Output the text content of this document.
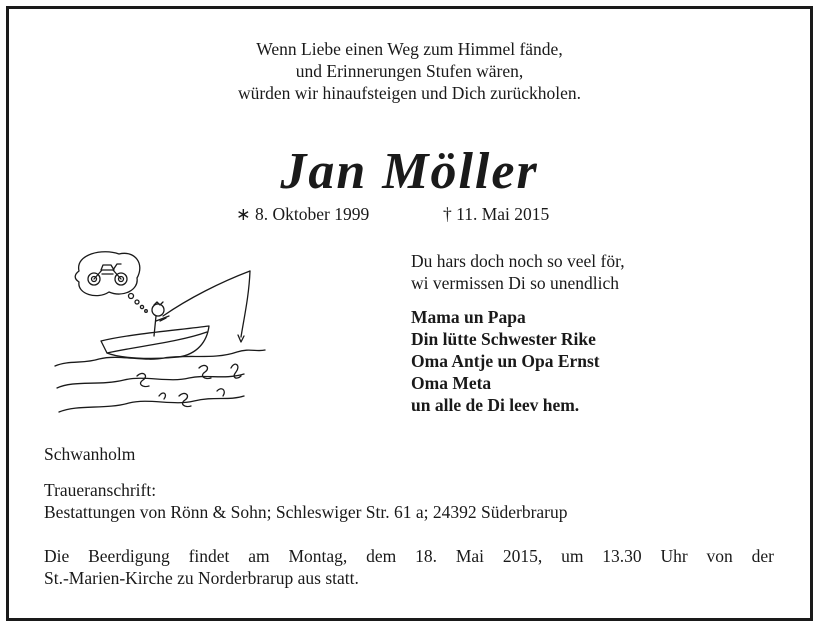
Wenn Liebe einen Weg zum Himmel fände,
und Erinnerungen Stufen wären,
würden wir hinaufsteigen und Dich zurückholen.
Jan Möller
∗ 8. Oktober 1999	† 11. Mai 2015
Du hars doch noch so veel för,
wi vermissen Di so unendlich
Mama un Papa
Din lütte Schwester Rike
Oma Antje un Opa Ernst
Oma Meta
un alle de Di leev hem.
Schwanholm
Traueranschrift:
Bestattungen von Rönn & Sohn; Schleswiger Str. 61 a; 24392 Süderbrarup
Die Beerdigung findet am Montag, dem 18. Mai 2015, um 13.30 Uhr von der
St.-Marien-Kirche zu Norderbrarup aus statt.
